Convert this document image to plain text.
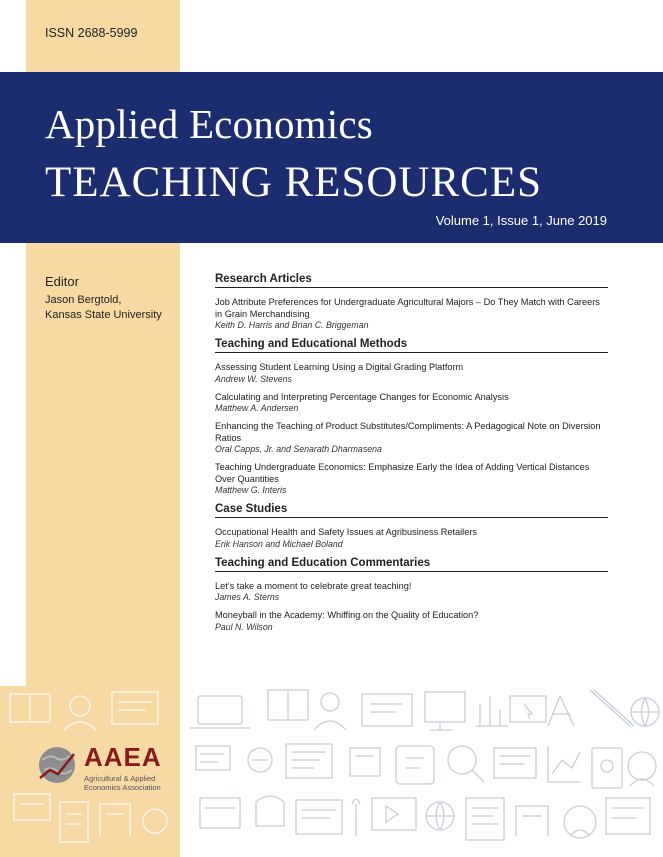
ISSN 2688-5999
Applied Economics
TEACHING RESOURCES
Volume 1, Issue 1, June 2019
Editor
Jason Bergtold,
Kansas State University
Research Articles
Job Attribute Preferences for Undergraduate Agricultural Majors – Do They Match with Careers in Grain Merchandising
Keith D. Harris and Brian C. Briggeman
Teaching and Educational Methods
Assessing Student Learning Using a Digital Grading Platform
Andrew W. Stevens
Calculating and Interpreting Percentage Changes for Economic Analysis
Matthew A. Andersen
Enhancing the Teaching of Product Substitutes/Compliments: A Pedagogical Note on Diversion Ratios
Oral Capps, Jr. and Senarath Dharmasena
Teaching Undergraduate Economics: Emphasize Early the Idea of Adding Vertical Distances Over Quantities
Matthew G. Interis
Case Studies
Occupational Health and Safety Issues at Agribusiness Retailers
Erik Hanson and Michael Boland
Teaching and Education Commentaries
Let’s take a moment to celebrate great teaching!
James A. Sterns
Moneyball in the Academy: Whiffing on the Quality of Education?
Paul N. Wilson
AAEA
Agricultural & Applied
Economics Association
